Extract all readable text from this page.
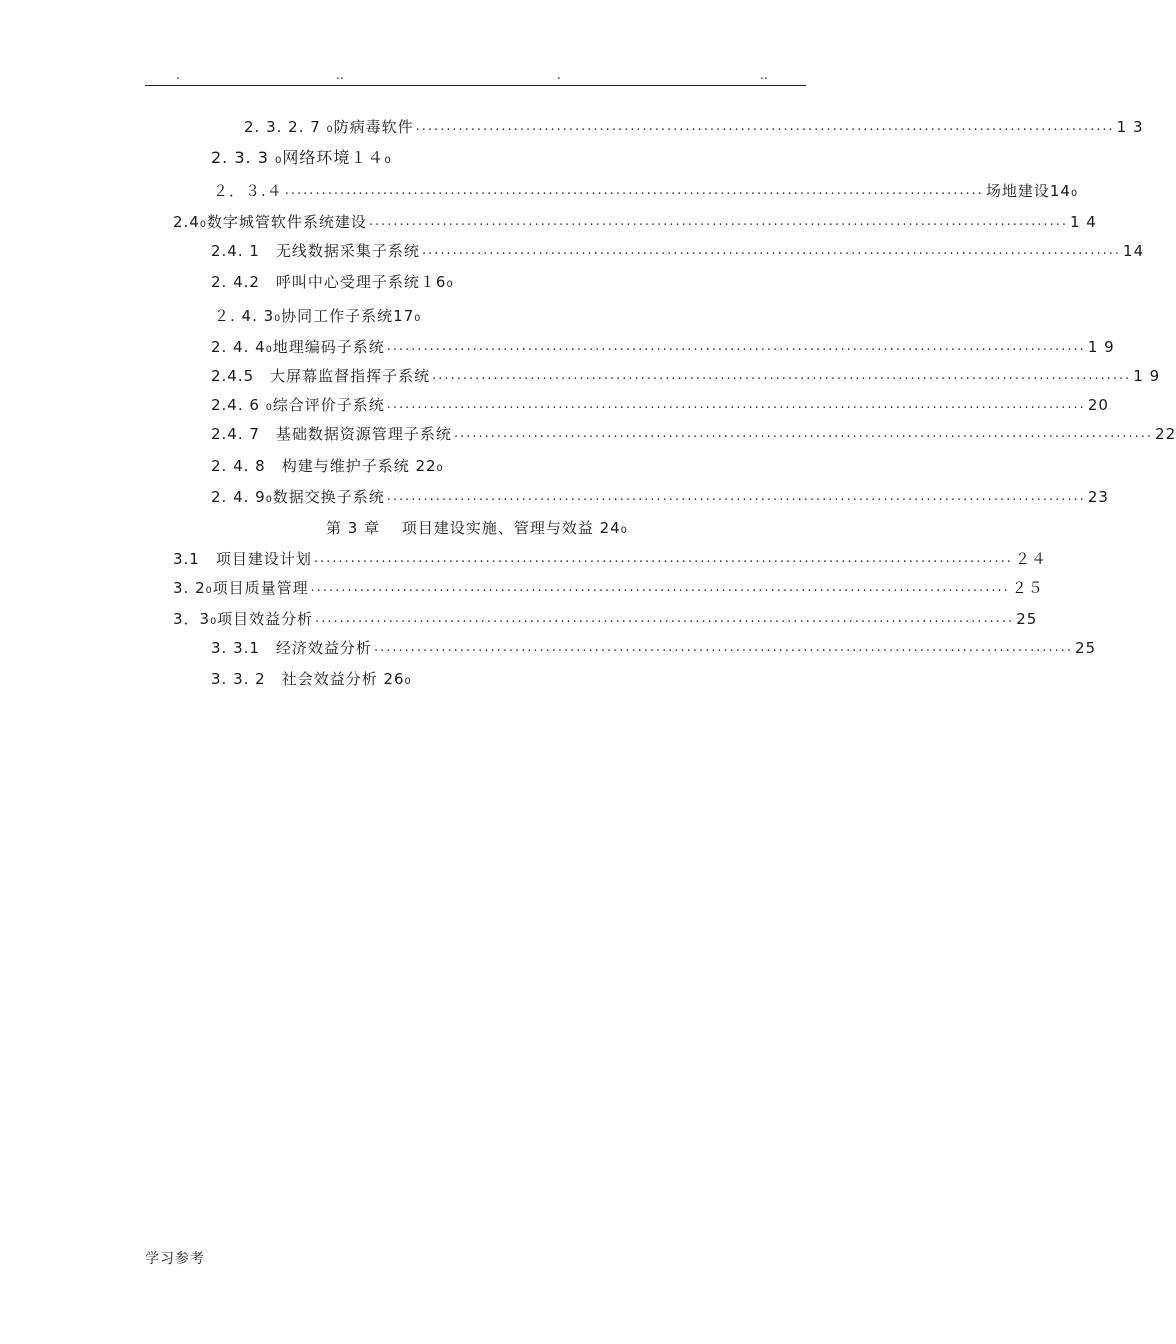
.	..	.	..
2. 3. 2. 7 ₀防病毒软件 .................................................................................................................. 1 3
2. 3. 3 ₀网络环境１４₀
２．３.４ .................................................................................................................. 场地建设14₀
2.4₀数字城管软件系统建设 .................................................................................................................. 1 4
2.4. 1　无线数据采集子系统 .................................................................................................................. 14
2. 4.2　呼叫中心受理子系统１6₀
２. 4. 3₀协同工作子系统17₀
2. 4. 4₀地理编码子系统 .................................................................................................................. 1 9
2.4.5　大屏幕监督指挥子系统 .................................................................................................................. 1 9
2.4. 6 ₀综合评价子系统 .................................................................................................................. 20
2.4. 7　基础数据资源管理子系统 .................................................................................................................. 22
2. 4. 8　构建与维护子系统 22₀
2. 4. 9₀数据交换子系统 .................................................................................................................. 23
第 3 章　 项目建设实施、管理与效益 24₀
3.1　项目建设计划 .................................................................................................................. ２４
3. 2₀项目质量管理 .................................................................................................................. ２５
3．3₀项目效益分析 .................................................................................................................. 25
3. 3.1　经济效益分析 .................................................................................................................. 25
3. 3. 2　社会效益分析 26₀
学习参考
